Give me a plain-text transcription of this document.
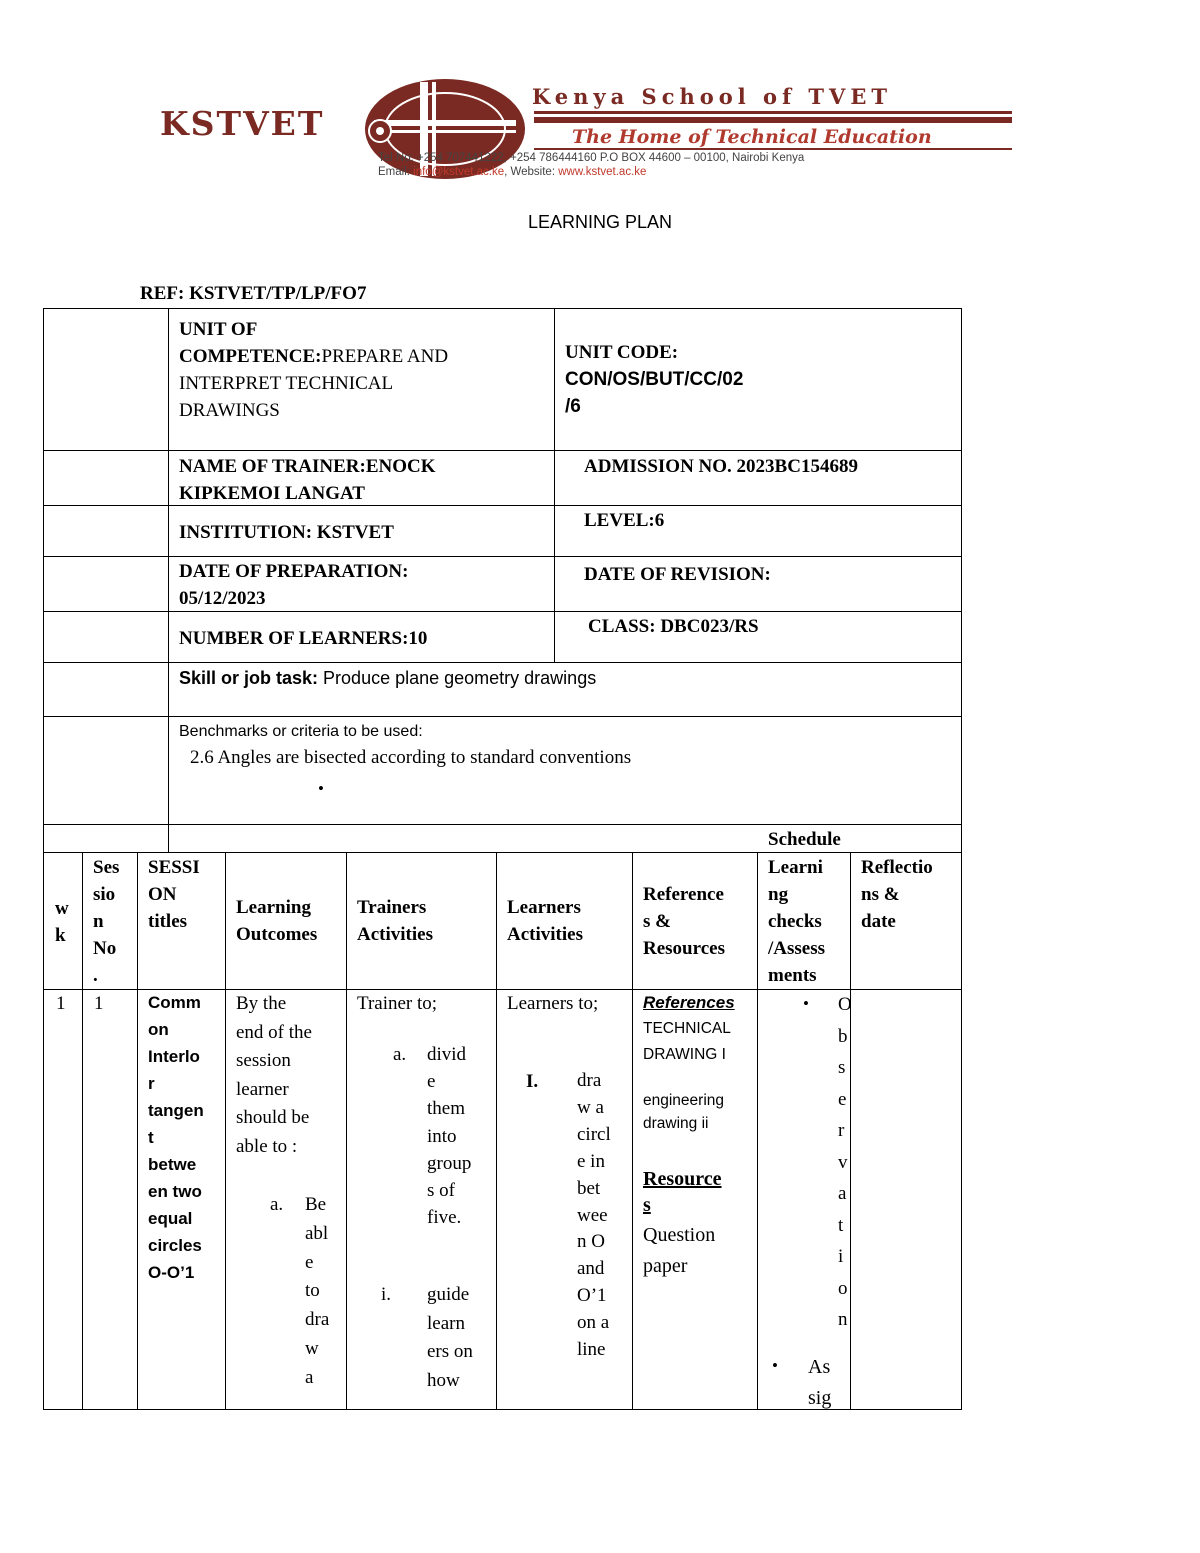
KSTVET
Kenya School of TVET
The Home of Technical Education
Tel No: +254 707441222, +254 786444160 P.O BOX 44600 – 00100, Nairobi Kenya
Email: info@kstvet.ac.ke, Website: www.kstvet.ac.ke
LEARNING PLAN
REF: KSTVET/TP/LP/FO7
UNIT OF
COMPETENCE:PREPARE AND
INTERPRET TECHNICAL
DRAWINGS
UNIT CODE:
CON/OS/BUT/CC/02
/6
NAME OF TRAINER:ENOCK
KIPKEMOI LANGAT
ADMISSION NO. 2023BC154689
INSTITUTION: KSTVET
LEVEL:6
DATE OF PREPARATION:
05/12/2023
DATE OF REVISION:
NUMBER OF LEARNERS:10
CLASS: DBC023/RS
Skill or job task: Produce plane geometry drawings
Benchmarks or criteria to be used:
2.6 Angles are bisected according to standard conventions
•
Schedule
w
k
Ses
sio
n
No
.
SESSI
ON
titles
Learning
Outcomes
Trainers
Activities
Learners
Activities
Reference
s &
Resources
Learni
ng
checks
/Assess
ments
Reflectio
ns &
date
1 1	Comm
on
Interlo
r
tangen
t
betwe
en two
equal
circles
O-O’1
By the
end of the
session
learner
should be
able to :
a. Be
abl
e
to
dra
w
a
Trainer to;
a. divid
e
them
into
group
s of
five.
i. guide
learn
ers on
how
Learners to;
I. dra
w a
circl
e in
bet
wee
n O
and
O’1
on a
line
References
TECHNICAL
DRAWING I
engineering
drawing ii
Resource
s
Question
paper
• O
b
s
e
r
v
a
t
i
o
n
• As
sig
